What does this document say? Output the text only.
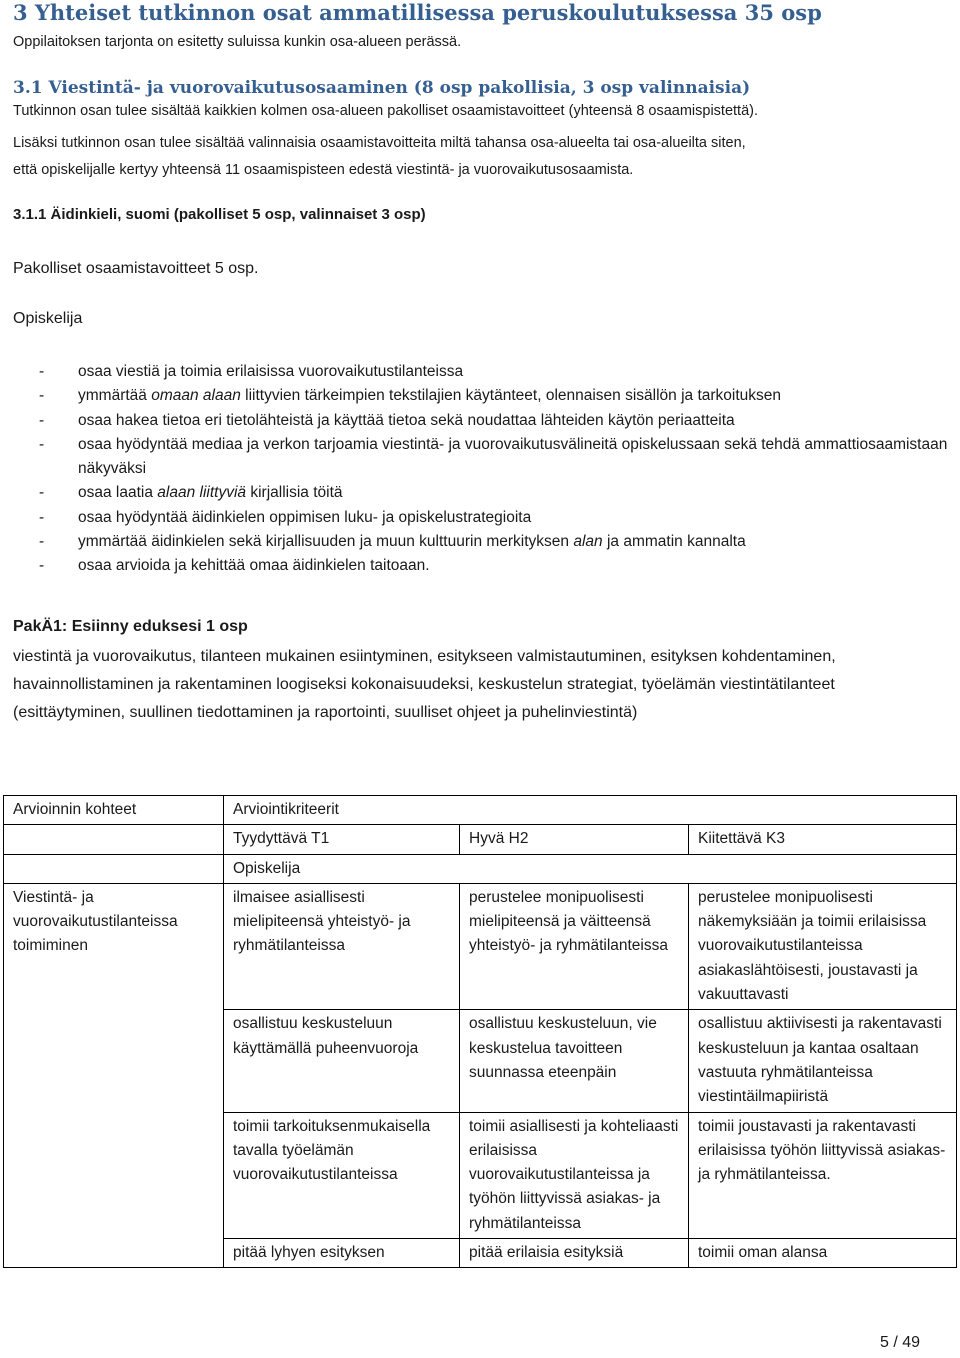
3 Yhteiset tutkinnon osat ammatillisessa peruskoulutuksessa 35 osp
Oppilaitoksen tarjonta on esitetty suluissa kunkin osa-alueen perässä.
3.1 Viestintä- ja vuorovaikutusosaaminen (8 osp pakollisia, 3 osp valinnaisia)
Tutkinnon osan tulee sisältää kaikkien kolmen osa-alueen pakolliset osaamistavoitteet (yhteensä 8 osaamispistettä).
Lisäksi tutkinnon osan tulee sisältää valinnaisia osaamistavoitteita miltä tahansa osa-alueelta tai osa-alueilta siten,
että opiskelijalle kertyy yhteensä 11 osaamispisteen edestä viestintä- ja vuorovaikutusosaamista.
3.1.1 Äidinkieli, suomi (pakolliset 5 osp, valinnaiset 3 osp)
Pakolliset osaamistavoitteet 5 osp.
Opiskelija
- osaa viestiä ja toimia erilaisissa vuorovaikutustilanteissa
- ymmärtää omaan alaan liittyvien tärkeimpien tekstilajien käytänteet, olennaisen sisällön ja tarkoituksen
- osaa hakea tietoa eri tietolähteistä ja käyttää tietoa sekä noudattaa lähteiden käytön periaatteita
- osaa hyödyntää mediaa ja verkon tarjoamia viestintä- ja vuorovaikutusvälineitä opiskelussaan sekä tehdä ammattiosaamistaan näkyväksi
- osaa laatia alaan liittyviä kirjallisia töitä
- osaa hyödyntää äidinkielen oppimisen luku- ja opiskelustrategioita
- ymmärtää äidinkielen sekä kirjallisuuden ja muun kulttuurin merkityksen alan ja ammatin kannalta
- osaa arvioida ja kehittää omaa äidinkielen taitoaan.
PakÄ1: Esiinny eduksesi 1 osp
viestintä ja vuorovaikutus, tilanteen mukainen esiintyminen, esitykseen valmistautuminen, esityksen kohdentaminen, havainnollistaminen ja rakentaminen loogiseksi kokonaisuudeksi, keskustelun strategiat, työelämän viestintätilanteet (esittäytyminen, suullinen tiedottaminen ja raportointi, suulliset ohjeet ja puhelinviestintä)
Arvioinnin kohteet	Arviointikriteerit		
	Tyydyttävä T1	Hyvä H2	Kiitettävä K3
	Opiskelija		
Viestintä- ja vuorovaikutustilanteissa toimiminen	ilmaisee asiallisesti mielipiteensä yhteistyö- ja ryhmätilanteissa	perustelee monipuolisesti mielipiteensä ja väitteensä yhteistyö- ja ryhmätilanteissa	perustelee monipuolisesti näkemyksiään ja toimii erilaisissa vuorovaikutustilanteissa asiakaslähtöisesti, joustavasti ja vakuuttavasti
	osallistuu keskusteluun käyttämällä puheenvuoroja	osallistuu keskusteluun, vie keskustelua tavoitteen suunnassa eteenpäin	osallistuu aktiivisesti ja rakentavasti keskusteluun ja kantaa osaltaan vastuuta ryhmätilanteissa viestintäilmapiiristä
	toimii tarkoituksenmukaisella tavalla työelämän vuorovaikutustilanteissa	toimii asiallisesti ja kohteliaasti erilaisissa vuorovaikutustilanteissa ja työhön liittyvissä asiakas- ja ryhmätilanteissa	toimii joustavasti ja rakentavasti erilaisissa työhön liittyvissä asiakas- ja ryhmätilanteissa.
	pitää lyhyen esityksen	pitää erilaisia esityksiä	toimii oman alansa
5 / 49
